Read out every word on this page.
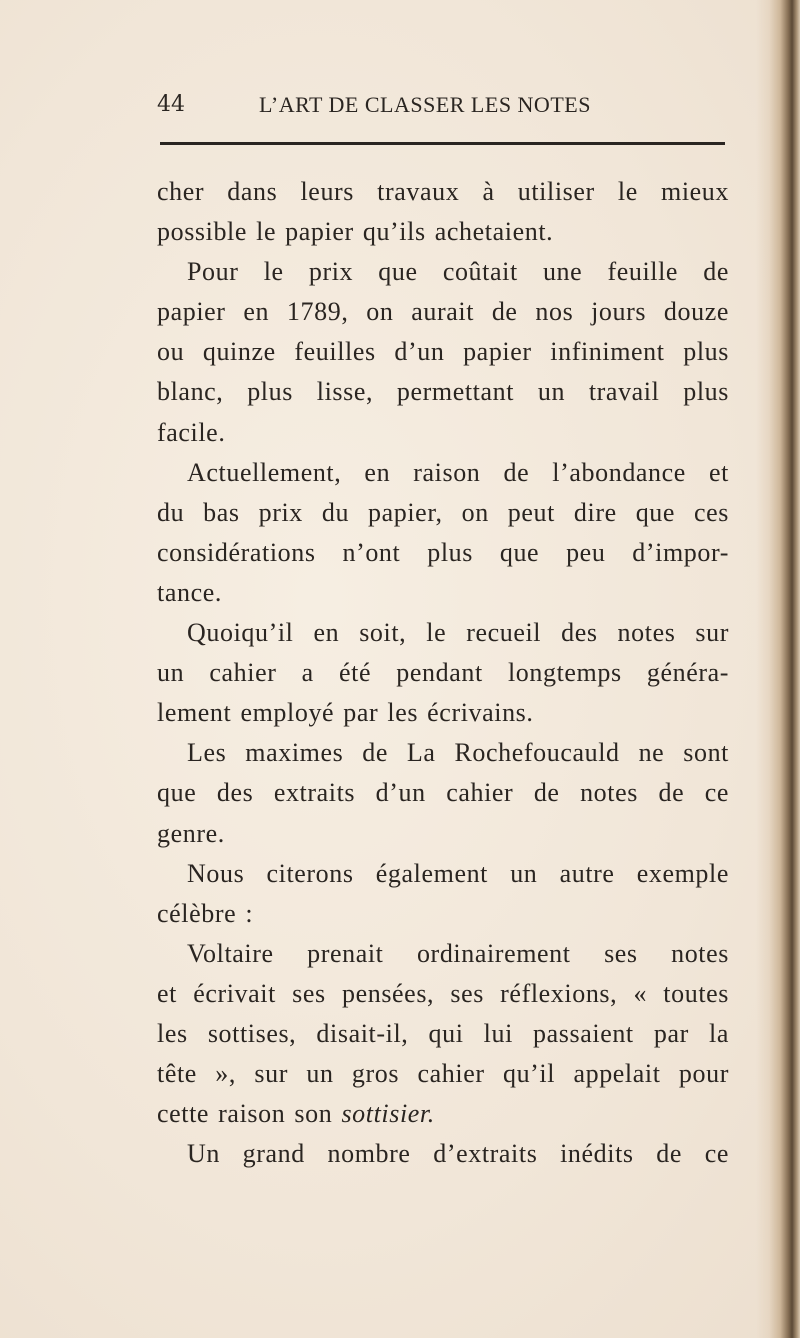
44	L’ART DE CLASSER LES NOTES
cher dans leurs travaux à utiliser le mieux
possible le papier qu’ils achetaient.
Pour le prix que coûtait une feuille de
papier en 1789, on aurait de nos jours douze
ou quinze feuilles d’un papier infiniment plus
blanc, plus lisse, permettant un travail plus
facile.
Actuellement, en raison de l’abondance et
du bas prix du papier, on peut dire que ces
considérations n’ont plus que peu d’impor-
tance.
Quoiqu’il en soit, le recueil des notes sur
un cahier a été pendant longtemps généra-
lement employé par les écrivains.
Les maximes de La Rochefoucauld ne sont
que des extraits d’un cahier de notes de ce
genre.
Nous citerons également un autre exemple
célèbre :
Voltaire prenait ordinairement ses notes
et écrivait ses pensées, ses réflexions, « toutes
les sottises, disait-il, qui lui passaient par la
tête », sur un gros cahier qu’il appelait pour
cette raison son sottisier.
Un grand nombre d’extraits inédits de ce
